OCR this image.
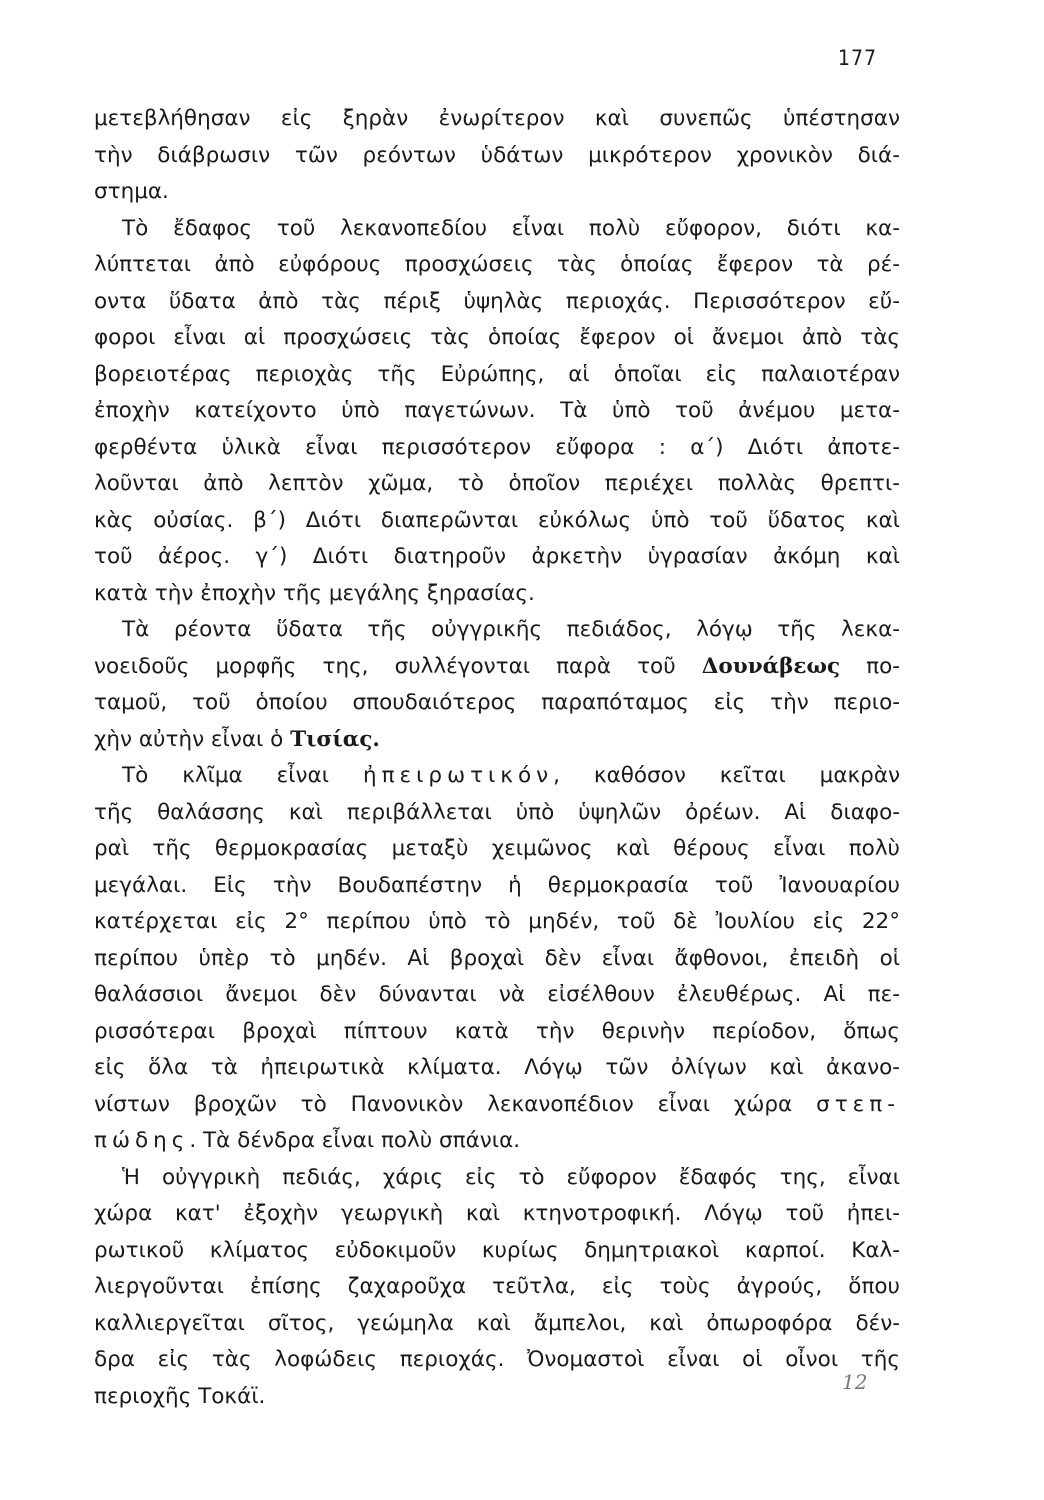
177
μετεβλήθησαν εἰς ξηρὰν ἐνωρίτερον καὶ συνεπῶς ὑπέστησαν
τὴν διάβρωσιν τῶν ρεόντων ὑδάτων μικρότερον χρονικὸν διά-
στημα.
Τὸ ἔδαφος τοῦ λεκανοπεδίου εἶναι πολὺ εὔφορον, διότι κα-
λύπτεται ἀπὸ εὐφόρους προσχώσεις τὰς ὁποίας ἔφερον τὰ ρέ-
οντα ὕδατα ἀπὸ τὰς πέριξ ὑψηλὰς περιοχάς. Περισσότερον εὔ-
φοροι εἶναι αἱ προσχώσεις τὰς ὁποίας ἔφερον οἱ ἄνεμοι ἀπὸ τὰς
βορειοτέρας περιοχὰς τῆς Εὐρώπης, αἱ ὁποῖαι εἰς παλαιοτέραν
ἐποχὴν κατείχοντο ὑπὸ παγετώνων. Τὰ ὑπὸ τοῦ ἀνέμου μετα-
φερθέντα ὑλικὰ εἶναι περισσότερον εὔφορα : α΄) Διότι ἀποτε-
λοῦνται ἀπὸ λεπτὸν χῶμα, τὸ ὁποῖον περιέχει πολλὰς θρεπτι-
κὰς οὐσίας. β΄) Διότι διαπερῶνται εὐκόλως ὑπὸ τοῦ ὕδατος καὶ
τοῦ ἀέρος. γ΄) Διότι διατηροῦν ἀρκετὴν ὑγρασίαν ἀκόμη καὶ
κατὰ τὴν ἐποχὴν τῆς μεγάλης ξηρασίας.
Τὰ ρέοντα ὕδατα τῆς οὐγγρικῆς πεδιάδος, λόγῳ τῆς λεκα-
νοειδοῦς μορφῆς της, συλλέγονται παρὰ τοῦ Δουνάβεως πο-
ταμοῦ, τοῦ ὁποίου σπουδαιότερος παραπόταμος εἰς τὴν περιο-
χὴν αὐτὴν εἶναι ὁ Τισίας.
Τὸ κλῖμα εἶναι ἠπειρωτικόν, καθόσον κεῖται μακρὰν
τῆς θαλάσσης καὶ περιβάλλεται ὑπὸ ὑψηλῶν ὀρέων. Αἱ διαφο-
ραὶ τῆς θερμοκρασίας μεταξὺ χειμῶνος καὶ θέρους εἶναι πολὺ
μεγάλαι. Εἰς τὴν Βουδαπέστην ἡ θερμοκρασία τοῦ Ἰανουαρίου
κατέρχεται εἰς 2° περίπου ὑπὸ τὸ μηδέν, τοῦ δὲ Ἰουλίου εἰς 22°
περίπου ὑπὲρ τὸ μηδέν. Αἱ βροχαὶ δὲν εἶναι ἄφθονοι, ἐπειδὴ οἱ
θαλάσσιοι ἄνεμοι δὲν δύνανται νὰ εἰσέλθουν ἐλευθέρως. Αἱ πε-
ρισσότεραι βροχαὶ πίπτουν κατὰ τὴν θερινὴν περίοδον, ὅπως
εἰς ὅλα τὰ ἠπειρωτικὰ κλίματα. Λόγῳ τῶν ὀλίγων καὶ ἀκανο-
νίστων βροχῶν τὸ Πανονικὸν λεκανοπέδιον εἶναι χώρα στεπ-
πώδης. Τὰ δένδρα εἶναι πολὺ σπάνια.
Ἡ οὐγγρικὴ πεδιάς, χάρις εἰς τὸ εὔφορον ἔδαφός της, εἶναι
χώρα κατ' ἐξοχὴν γεωργικὴ καὶ κτηνοτροφική. Λόγῳ τοῦ ἠπει-
ρωτικοῦ κλίματος εὐδοκιμοῦν κυρίως δημητριακοὶ καρποί. Καλ-
λιεργοῦνται ἐπίσης ζαχαροῦχα τεῦτλα, εἰς τοὺς ἀγρούς, ὅπου
καλλιεργεῖται σῖτος, γεώμηλα καὶ ἄμπελοι, καὶ ὀπωροφόρα δέν-
δρα εἰς τὰς λοφώδεις περιοχάς. Ὀνομαστοὶ εἶναι οἱ οἶνοι τῆς
περιοχῆς Τοκάϊ.
12
